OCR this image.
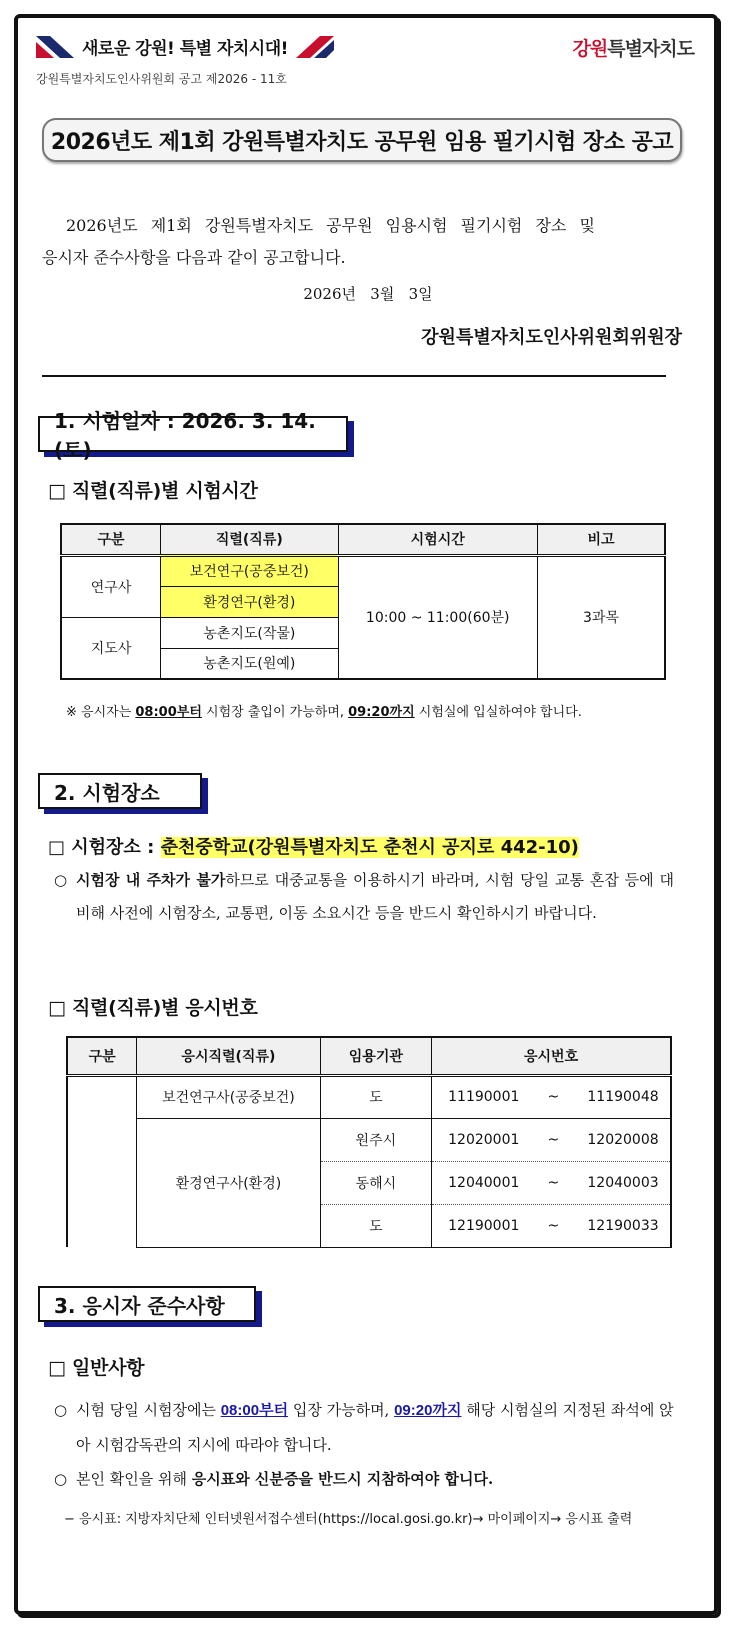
새로운 강원! 특별 자치시대!	강원특별자치도
강원특별자치도인사위원회 공고 제2026 - 11호
2026년도 제1회 강원특별자치도 공무원 임용 필기시험 장소 공고
2026년도 제1회 강원특별자치도 공무원 임용시험 필기시험 장소 및
응시자 준수사항을 다음과 같이 공고합니다.
2026년   3월   3일
강원특별자치도인사위원회위원장
1. 시험일자 : 2026. 3. 14.(토)
□ 직렬(직류)별 시험시간
구분	직렬(직류)	시험시간	비고
연구사	보건연구(공중보건)	10:00 ~ 11:00(60분)	3과목
	환경연구(환경)		
지도사	농촌지도(작물)		
	농촌지도(원예)		
※ 응시자는 08:00부터 시험장 출입이 가능하며, 09:20까지 시험실에 입실하여야 합니다.
2. 시험장소
□ 시험장소 : 춘천중학교(강원특별자치도 춘천시 공지로 442-10)
○ 시험장 내 주차가 불가하므로 대중교통을 이용하시기 바라며, 시험 당일 교통 혼잡 등에 대비해 사전에 시험장소, 교통편, 이동 소요시간 등을 반드시 확인하시기 바랍니다.
□ 직렬(직류)별 응시번호
구분	응시직렬(직류)	임용기관	응시번호
	보건연구사(공중보건)	도	11190001 ~ 11190048
	환경연구사(환경)	원주시	12020001 ~ 12020008
		동해시	12040001 ~ 12040003
		도	12190001 ~ 12190033
3. 응시자 준수사항
□ 일반사항
○ 시험 당일 시험장에는 08:00부터 입장 가능하며, 09:20까지 해당 시험실의 지정된 좌석에 앉아 시험감독관의 지시에 따라야 합니다.
○ 본인 확인을 위해 응시표와 신분증을 반드시 지참하여야 합니다.
− 응시표: 지방자치단체 인터넷원서접수센터(https://local.gosi.go.kr)→ 마이페이지→ 응시표 출력
